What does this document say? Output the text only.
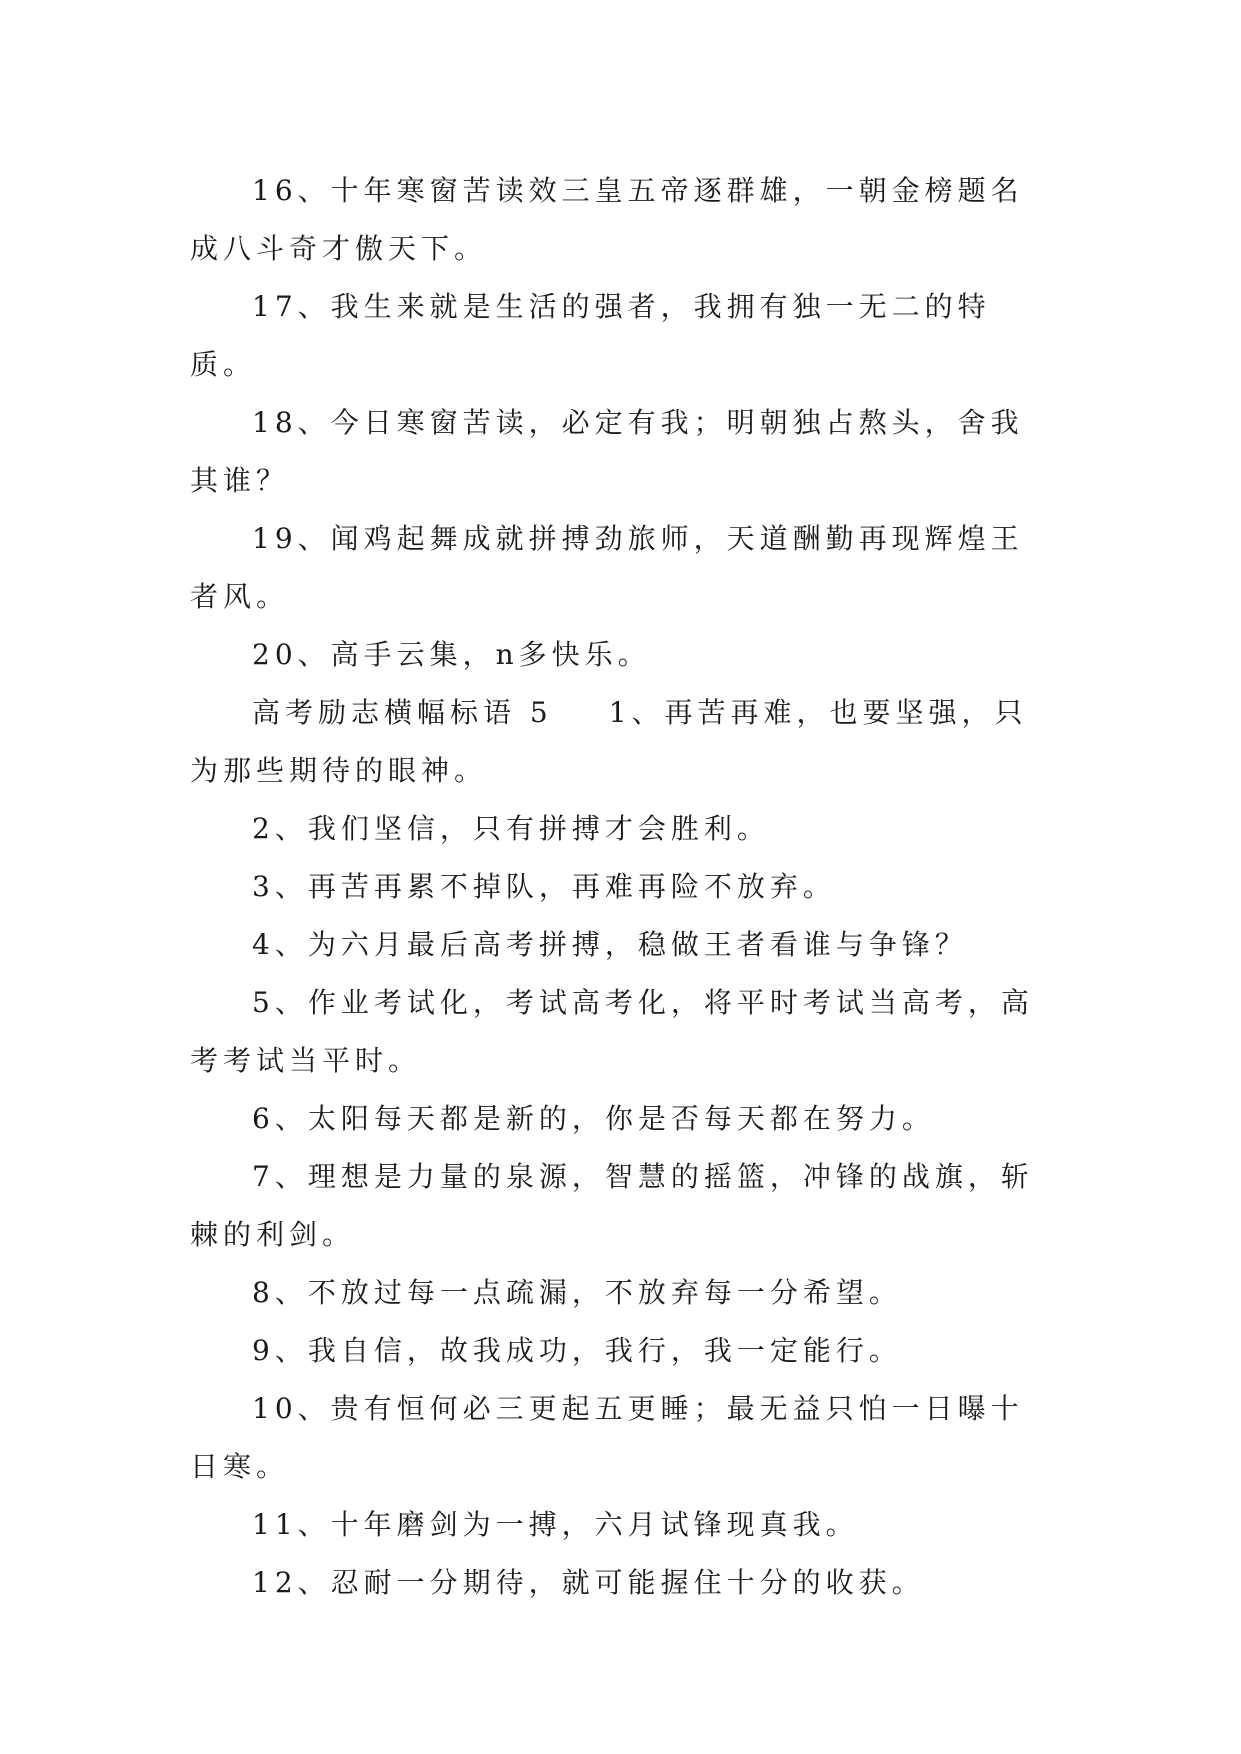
16、十年寒窗苦读效三皇五帝逐群雄，一朝金榜题名成八斗奇才傲天下。

17、我生来就是生活的强者，我拥有独一无二的特质。

18、今日寒窗苦读，必定有我；明朝独占熬头，舍我其谁？

19、闻鸡起舞成就拼搏劲旅师，天道酬勤再现辉煌王者风。

20、高手云集，n多快乐。

高考励志横幅标语 5 1、再苦再难，也要坚强，只为那些期待的眼神。

2、我们坚信，只有拼搏才会胜利。

3、再苦再累不掉队，再难再险不放弃。

4、为六月最后高考拼搏，稳做王者看谁与争锋？

5、作业考试化，考试高考化，将平时考试当高考，高考考试当平时。

6、太阳每天都是新的，你是否每天都在努力。

7、理想是力量的泉源，智慧的摇篮，冲锋的战旗，斩棘的利剑。

8、不放过每一点疏漏，不放弃每一分希望。

9、我自信，故我成功，我行，我一定能行。

10、贵有恒何必三更起五更睡；最无益只怕一日曝十日寒。

11、十年磨剑为一搏，六月试锋现真我。

12、忍耐一分期待，就可能握住十分的收获。
